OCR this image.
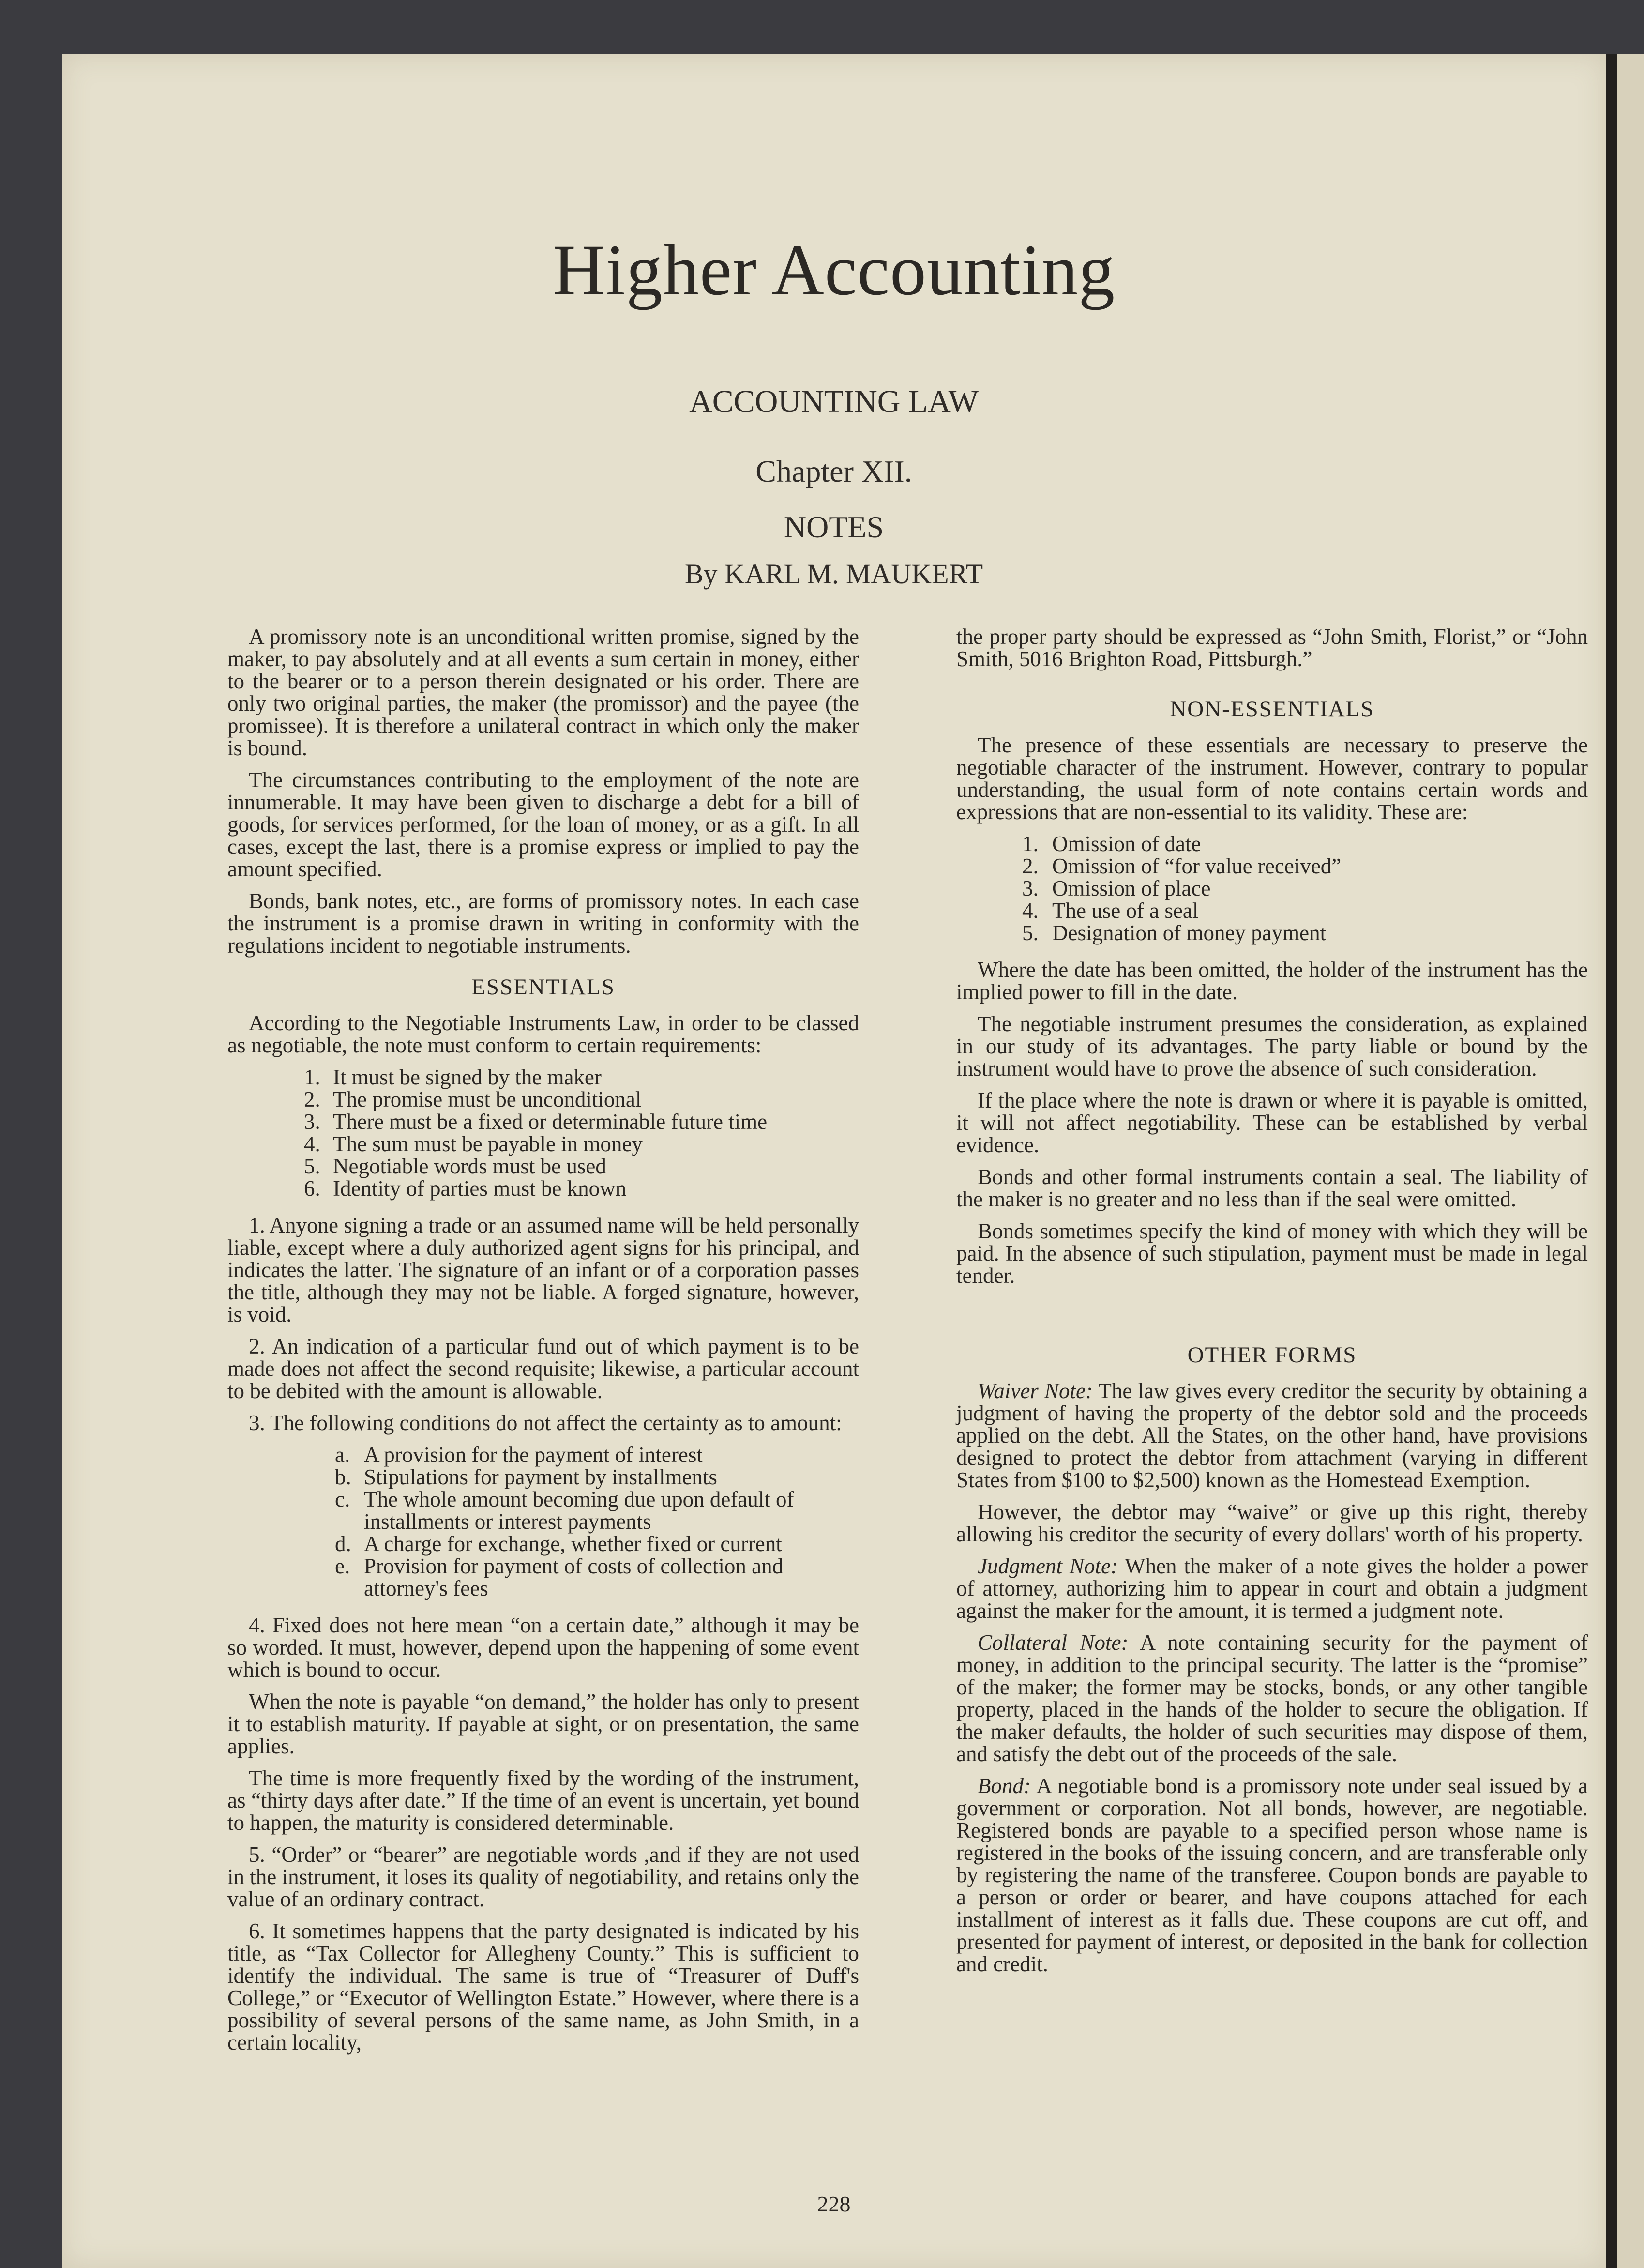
Higher Accounting
ACCOUNTING LAW
Chapter XII.
NOTES
By KARL M. MAUKERT

A promissory note is an unconditional written promise, signed by the maker, to pay absolutely and at all events a sum certain in money, either to the bearer or to a person therein designated or his order. There are only two original parties, the maker (the promissor) and the payee (the promissee). It is therefore a unilateral contract in which only the maker is bound.

The circumstances contributing to the employment of the note are innumerable. It may have been given to discharge a debt for a bill of goods, for services performed, for the loan of money, or as a gift. In all cases, except the last, there is a promise express or implied to pay the amount specified.

Bonds, bank notes, etc., are forms of promissory notes. In each case the instrument is a promise drawn in writing in conformity with the regulations incident to negotiable instruments.

ESSENTIALS

According to the Negotiable Instruments Law, in order to be classed as negotiable, the note must conform to certain requirements:

1. It must be signed by the maker
2. The promise must be unconditional
3. There must be a fixed or determinable future time
4. The sum must be payable in money
5. Negotiable words must be used
6. Identity of parties must be known

1. Anyone signing a trade or an assumed name will be held personally liable, except where a duly authorized agent signs for his principal, and indicates the latter. The signature of an infant or of a corporation passes the title, although they may not be liable. A forged signature, however, is void.

2. An indication of a particular fund out of which payment is to be made does not affect the second requisite; likewise, a particular account to be debited with the amount is allowable.

3. The following conditions do not affect the certainty as to amount:

a. A provision for the payment of interest
b. Stipulations for payment by installments
c. The whole amount becoming due upon default of installments or interest payments
d. A charge for exchange, whether fixed or current
e. Provision for payment of costs of collection and attorney's fees

4. Fixed does not here mean “on a certain date,” although it may be so worded. It must, however, depend upon the happening of some event which is bound to occur.

When the note is payable “on demand,” the holder has only to present it to establish maturity. If payable at sight, or on presentation, the same applies.

The time is more frequently fixed by the wording of the instrument, as “thirty days after date.” If the time of an event is uncertain, yet bound to happen, the maturity is considered determinable.

5. “Order” or “bearer” are negotiable words ,and if they are not used in the instrument, it loses its quality of negotiability, and retains only the value of an ordinary contract.

6. It sometimes happens that the party designated is indicated by his title, as “Tax Collector for Allegheny County.” This is sufficient to identify the individual. The same is true of “Treasurer of Duff's College,” or “Executor of Wellington Estate.” However, where there is a possibility of several persons of the same name, as John Smith, in a certain locality,

the proper party should be expressed as “John Smith, Florist,” or “John Smith, 5016 Brighton Road, Pittsburgh.”

NON-ESSENTIALS

The presence of these essentials are necessary to preserve the negotiable character of the instrument. However, contrary to popular understanding, the usual form of note contains certain words and expressions that are non-essential to its validity. These are:

1. Omission of date
2. Omission of “for value received”
3. Omission of place
4. The use of a seal
5. Designation of money payment

Where the date has been omitted, the holder of the instrument has the implied power to fill in the date.

The negotiable instrument presumes the consideration, as explained in our study of its advantages. The party liable or bound by the instrument would have to prove the absence of such consideration.

If the place where the note is drawn or where it is payable is omitted, it will not affect negotiability. These can be established by verbal evidence.

Bonds and other formal instruments contain a seal. The liability of the maker is no greater and no less than if the seal were omitted.

Bonds sometimes specify the kind of money with which they will be paid. In the absence of such stipulation, payment must be made in legal tender.

OTHER FORMS

Waiver Note: The law gives every creditor the security by obtaining a judgment of having the property of the debtor sold and the proceeds applied on the debt. All the States, on the other hand, have provisions designed to protect the debtor from attachment (varying in different States from $100 to $2,500) known as the Homestead Exemption.

However, the debtor may “waive” or give up this right, thereby allowing his creditor the security of every dollars' worth of his property.

Judgment Note: When the maker of a note gives the holder a power of attorney, authorizing him to appear in court and obtain a judgment against the maker for the amount, it is termed a judgment note.

Collateral Note: A note containing security for the payment of money, in addition to the principal security. The latter is the “promise” of the maker; the former may be stocks, bonds, or any other tangible property, placed in the hands of the holder to secure the obligation. If the maker defaults, the holder of such securities may dispose of them, and satisfy the debt out of the proceeds of the sale.

Bond: A negotiable bond is a promissory note under seal issued by a government or corporation. Not all bonds, however, are negotiable. Registered bonds are payable to a specified person whose name is registered in the books of the issuing concern, and are transferable only by registering the name of the transferee. Coupon bonds are payable to a person or order or bearer, and have coupons attached for each installment of interest as it falls due. These coupons are cut off, and presented for payment of interest, or deposited in the bank for collection and credit.

228
